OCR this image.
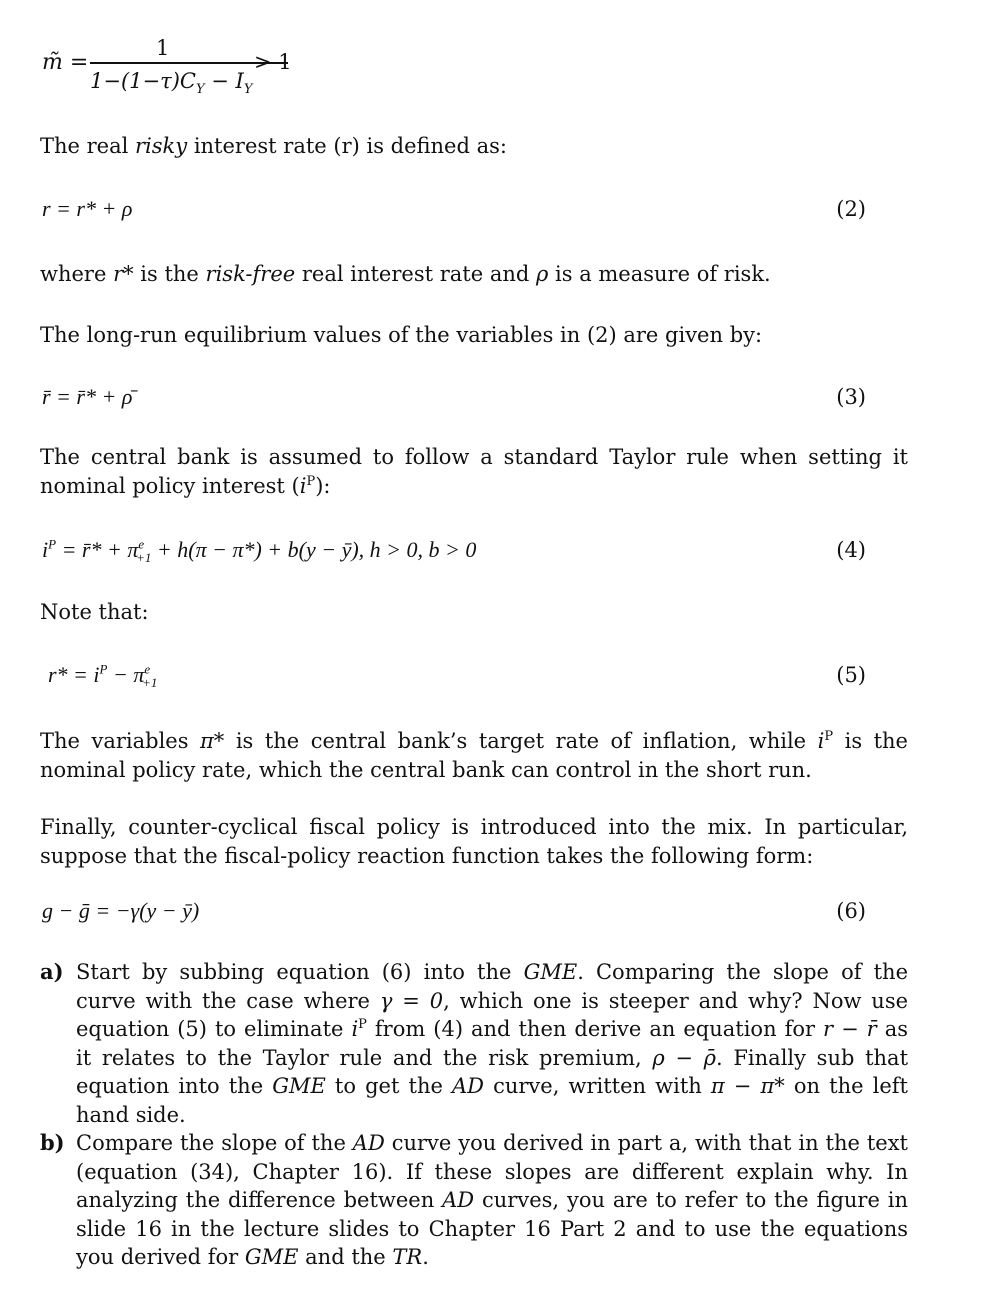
m̃ =
1
$1-(1-\tau)C_Y - I_Y$
> 1
The real risky interest rate (r) is defined as:
r = r* + ρ	(2)
where r* is the risk-free real interest rate and ρ is a measure of risk.
The long-run equilibrium values of the variables in (2) are given by:
r̄ = r̄* + ρ̄	(3)
The central bank is assumed to follow a standard Taylor rule when setting it nominal policy interest $(i^P)$:
$i^P$ = r̄* + $\pi^e_{+1} + h(\pi - \pi*) + b(y$ − ȳ), h > 0, b > 0	(4)
Note that:
$r* = i^P - \pi^e_{+1}$	(5)
The variables π* is the central bank’s target rate of inflation, while $i^P$ is the nominal policy rate, which the central bank can control in the short run.
Finally, counter-cyclical fiscal policy is introduced into the mix. In particular, suppose that the fiscal-policy reaction function takes the following form:
g − ḡ = −γ(y − ȳ)	(6)
a) Start by subbing equation (6) into the GME. Comparing the slope of the curve with the case where γ = 0, which one is steeper and why? Now use equation (5) to eliminate $i^P$ from (4) and then derive an equation for r − r̄ as it relates to the Taylor rule and the risk premium, ρ − ρ̄. Finally sub that equation into the GME to get the AD curve, written with π − π* on the left hand side.
b) Compare the slope of the AD curve you derived in part a, with that in the text (equation (34), Chapter 16). If these slopes are different explain why. In analyzing the difference between AD curves, you are to refer to the figure in slide 16 in the lecture slides to Chapter 16 Part 2 and to use the equations you derived for GME and the TR.
